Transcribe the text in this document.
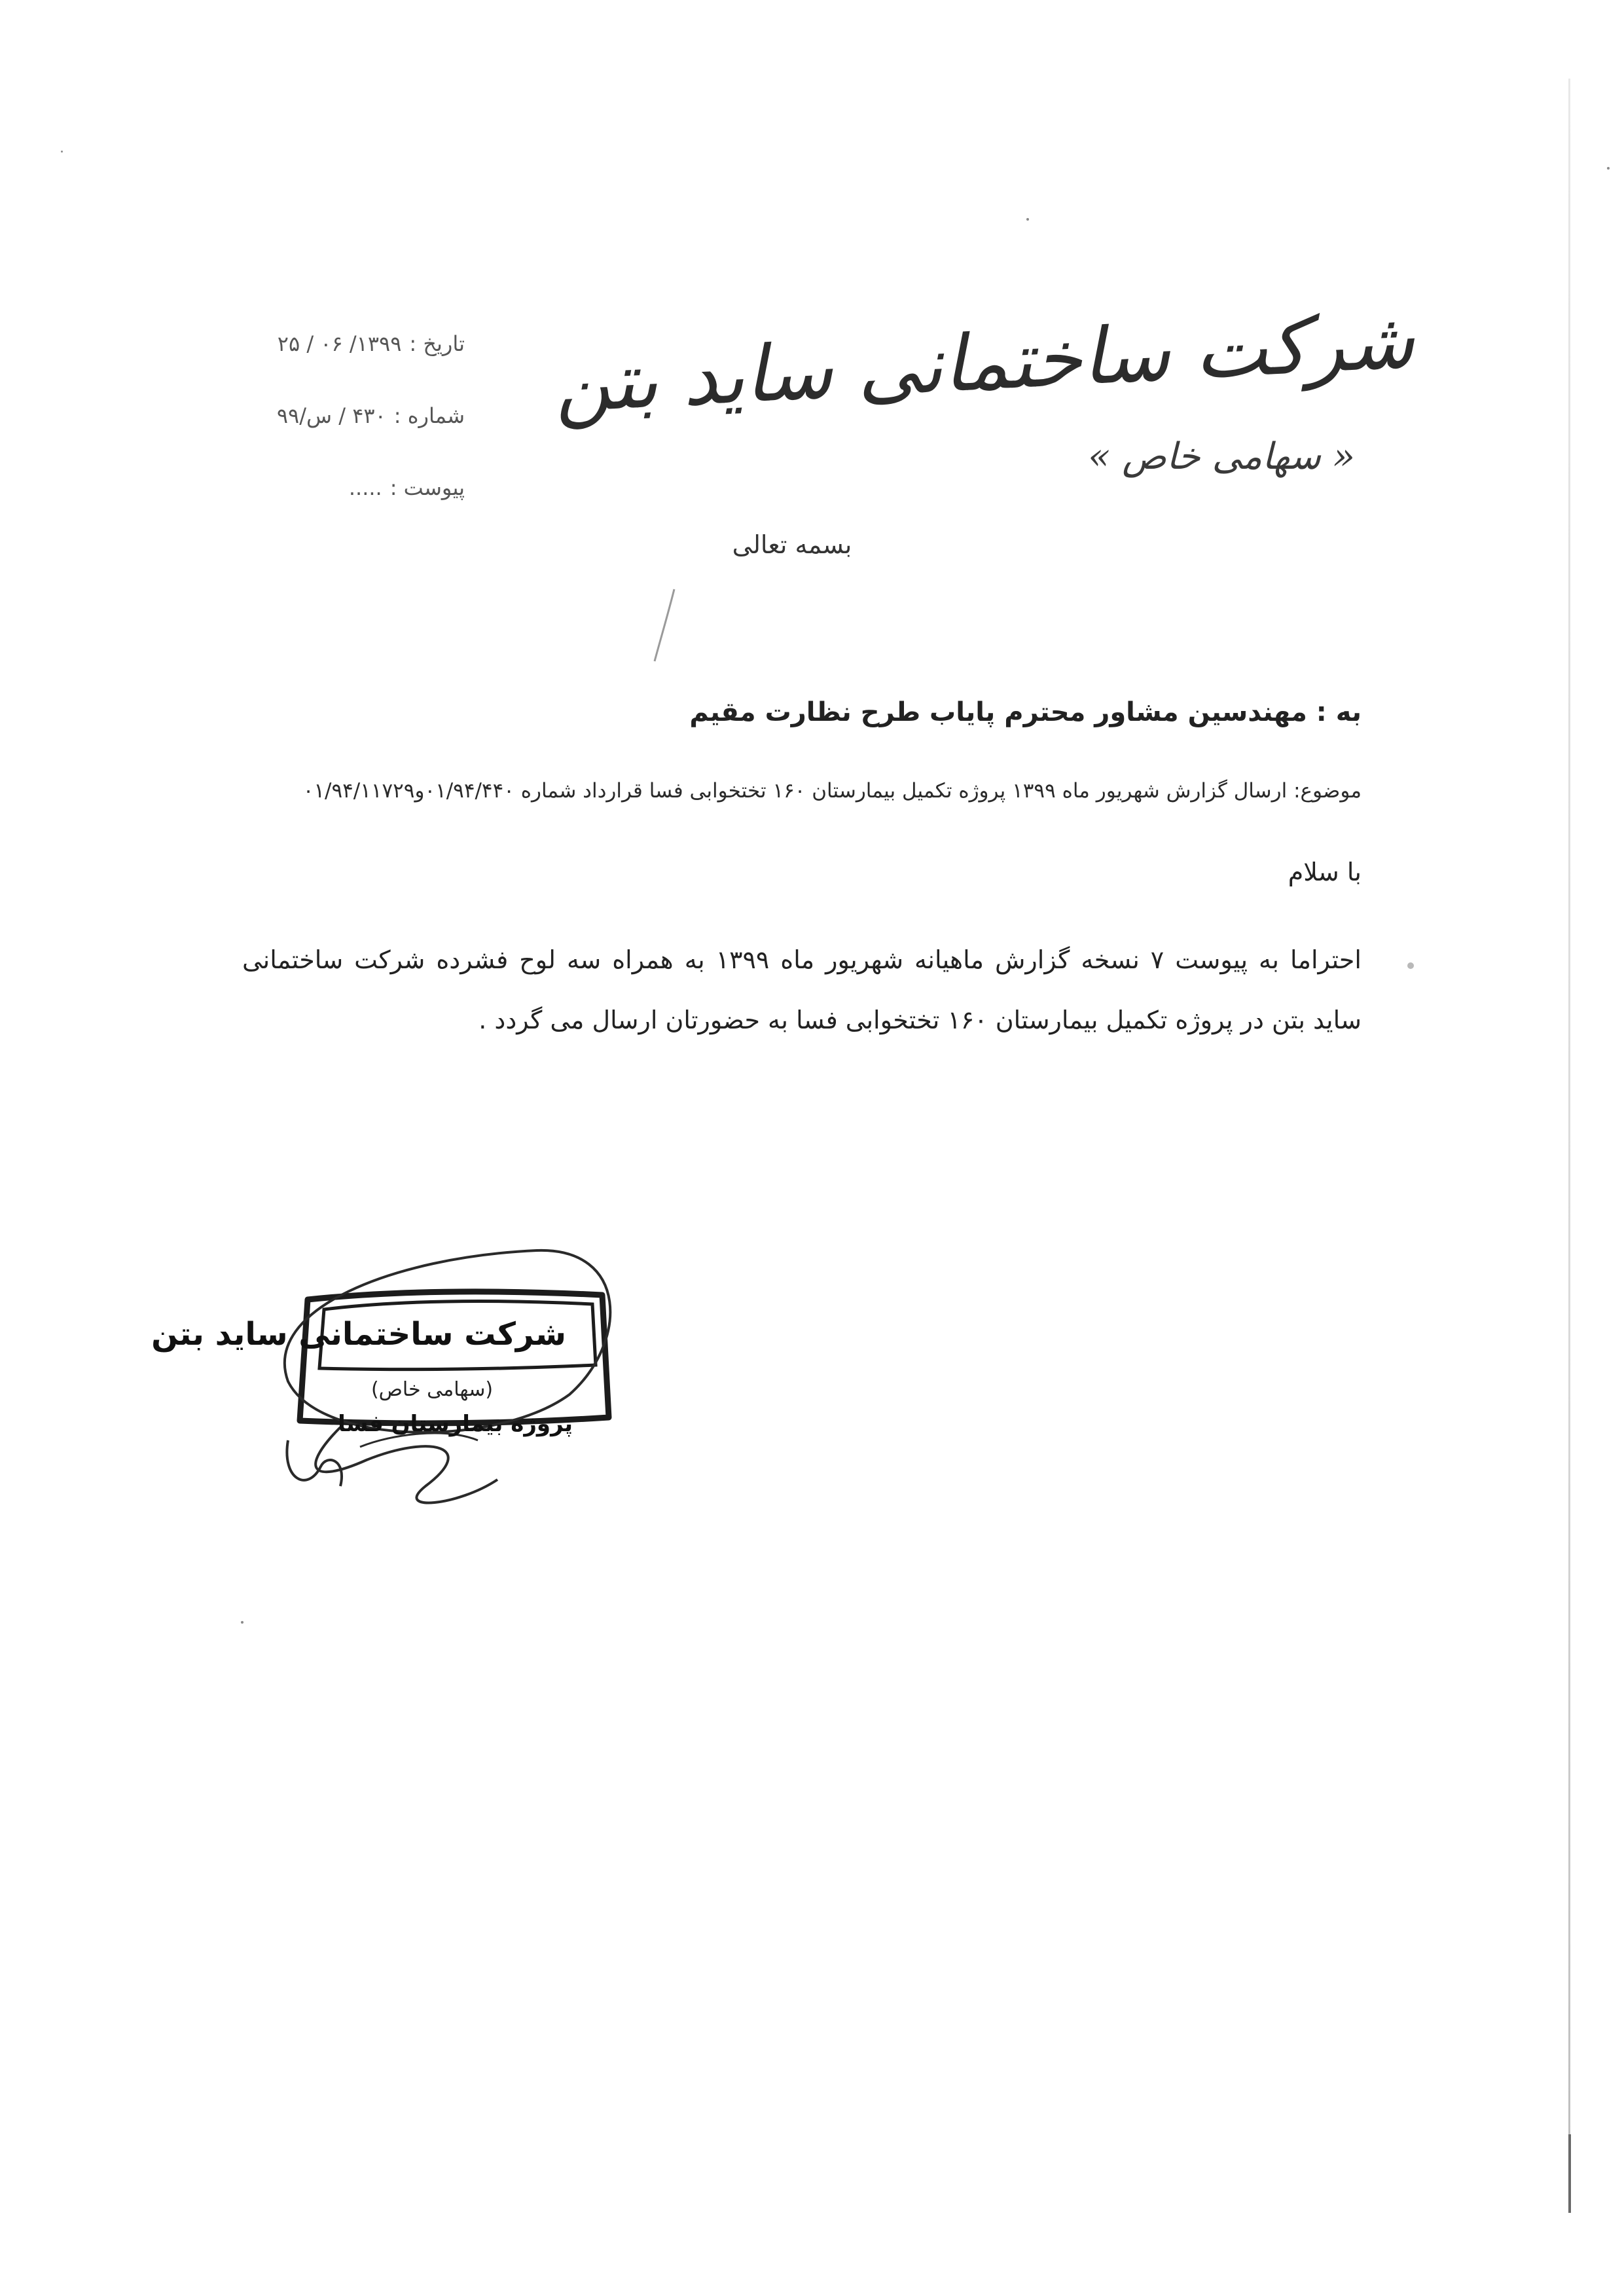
شرکت ساختمانی ساید بتن

« سهامی خاص »

تاریخ :
۱۳۹۹/ ۰۶ / ۲۵
شماره :
۴۳۰ / س/۹۹
پیوست :
.....
بسمه تعالی
به : مهندسین مشاور محترم پایاب طرح نظارت مقیم
موضوع: ارسال گزارش شهریور ماه ۱۳۹۹ پروژه تکمیل بیمارستان ۱۶۰ تختخوابی فسا قرارداد شماره ۰۱/۹۴/۴۴۰و۰۱/۹۴/۱۱۷۲۹
با سلام
احتراما به پیوست ۷ نسخه گزارش ماهیانه شهریور ماه ۱۳۹۹ به همراه سه لوح فشرده شرکت ساختمانی ساید بتن در پروژه تکمیل بیمارستان ۱۶۰ تختخوابی فسا به حضورتان ارسال می گردد .
شرکت ساختمانی ساید بتن
(سهامی خاص)
پروژه بیمارستان فسا
